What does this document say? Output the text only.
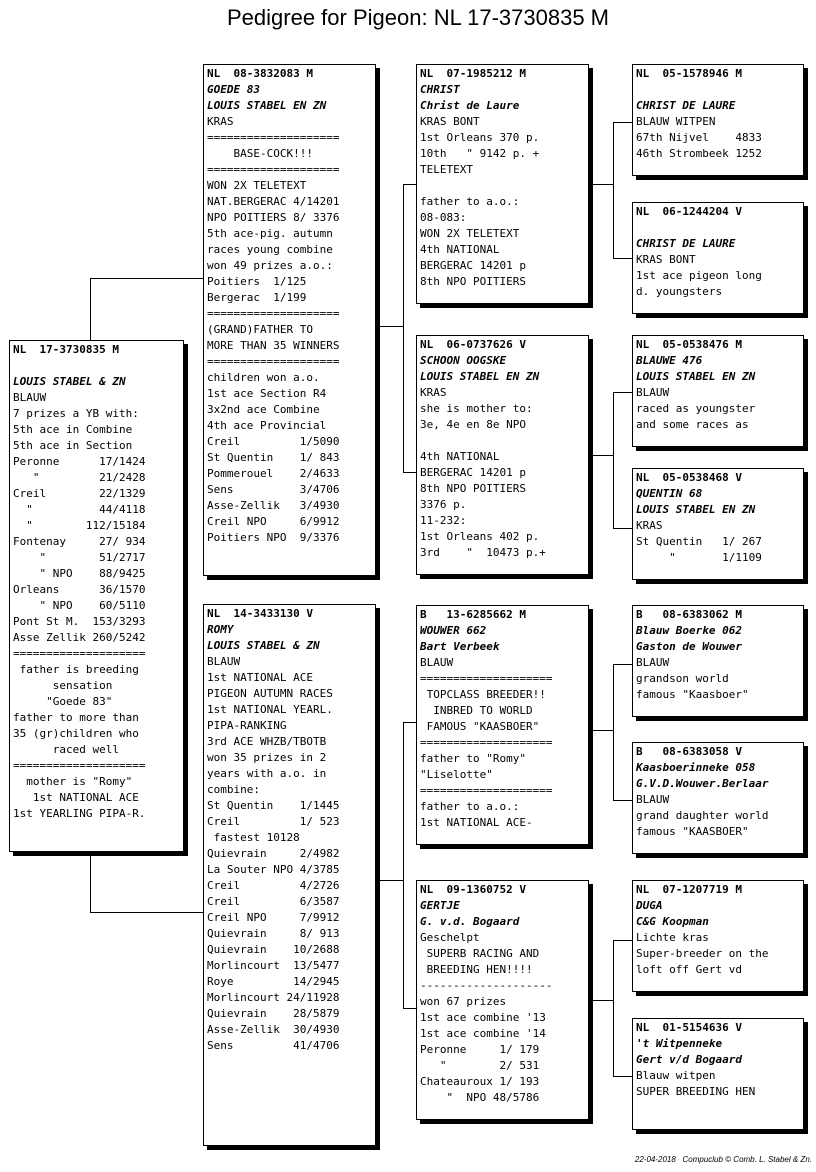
Pedigree for Pigeon: NL 17-3730835 M
NL  17-3730835 M
LOUIS STABEL & ZN
BLAUW
7 prizes a YB with:
5th ace in Combine
5th ace in Section
Peronne      17/1424
"         21/2428
Creil        22/1329
"          44/4118
"        112/15184
Fontenay     27/ 934
"        51/2717
" NPO    88/9425
Orleans      36/1570
" NPO    60/5110
Pont St M.  153/3293
Asse Zellik 260/5242
====================
father is breeding
sensation
"Goede 83"
father to more than
35 (gr)children who
raced well
====================
mother is "Romy"
1st NATIONAL ACE
1st YEARLING PIPA-R.
NL  08-3832083 M
GOEDE 83
LOUIS STABEL EN ZN
KRAS
====================
BASE-COCK!!!
====================
WON 2X TELETEXT
NAT.BERGERAC 4/14201
NPO POITIERS 8/ 3376
5th ace-pig. autumn
races young combine
won 49 prizes a.o.:
Poitiers  1/125
Bergerac  1/199
====================
(GRAND)FATHER TO
MORE THAN 35 WINNERS
====================
children won a.o.
1st ace Section R4
3x2nd ace Combine
4th ace Provincial
Creil         1/5090
St Quentin    1/ 843
Pommerouel    2/4633
Sens          3/4706
Asse-Zellik   3/4930
Creil NPO     6/9912
Poitiers NPO  9/3376
NL  14-3433130 V
ROMY
LOUIS STABEL & ZN
BLAUW
1st NATIONAL ACE
PIGEON AUTUMN RACES
1st NATIONAL YEARL.
PIPA-RANKING
3rd ACE WHZB/TBOTB
won 35 prizes in 2
years with a.o. in
combine:
St Quentin    1/1445
Creil         1/ 523
fastest 10128
Quievrain     2/4982
La Souter NPO 4/3785
Creil         4/2726
Creil         6/3587
Creil NPO     7/9912
Quievrain     8/ 913
Quievrain    10/2688
Morlincourt  13/5477
Roye         14/2945
Morlincourt 24/11928
Quievrain    28/5879
Asse-Zellik  30/4930
Sens         41/4706
NL  07-1985212 M
CHRIST
Christ de Laure
KRAS BONT
1st Orleans 370 p.
10th   " 9142 p. +
TELETEXT
father to a.o.:
08-083:
WON 2X TELETEXT
4th NATIONAL
BERGERAC 14201 p
8th NPO POITIERS
NL  06-0737626 V
SCHOON OOGSKE
LOUIS STABEL EN ZN
KRAS
she is mother to:
3e, 4e en 8e NPO
4th NATIONAL
BERGERAC 14201 p
8th NPO POITIERS
3376 p.
11-232:
1st Orleans 402 p.
3rd    "  10473 p.+
B   13-6285662 M
WOUWER 662
Bart Verbeek
BLAUW
====================
TOPCLASS BREEDER!!
INBRED TO WORLD
FAMOUS "KAASBOER"
====================
father to "Romy"
"Liselotte"
====================
father to a.o.:
1st NATIONAL ACE-
NL  09-1360752 V
GERTJE
G. v.d. Bogaard
Geschelpt
SUPERB RACING AND
BREEDING HEN!!!!
--------------------
won 67 prizes
1st ace combine '13
1st ace combine '14
Peronne     1/ 179
"        2/ 531
Chateauroux 1/ 193
"  NPO 48/5786
NL  05-1578946 M
CHRIST DE LAURE
BLAUW WITPEN
67th Nijvel    4833
46th Strombeek 1252
NL  06-1244204 V
CHRIST DE LAURE
KRAS BONT
1st ace pigeon long
d. youngsters
NL  05-0538476 M
BLAUWE 476
LOUIS STABEL EN ZN
BLAUW
raced as youngster
and some races as
NL  05-0538468 V
QUENTIN 68
LOUIS STABEL EN ZN
KRAS
St Quentin   1/ 267
"       1/1109
B   08-6383062 M
Blauw Boerke 062
Gaston de Wouwer
BLAUW
grandson world
famous "Kaasboer"
B   08-6383058 V
Kaasboerinneke 058
G.V.D.Wouwer.Berlaar
BLAUW
grand daughter world
famous "KAASBOER"
NL  07-1207719 M
DUGA
C&G Koopman
Lichte kras
Super-breeder on the
loft off Gert vd
NL  01-5154636 V
't Witpenneke
Gert v/d Bogaard
Blauw witpen
SUPER BREEDING HEN
22-04-2018   Compuclub © Comb. L. Stabel & Zn.
